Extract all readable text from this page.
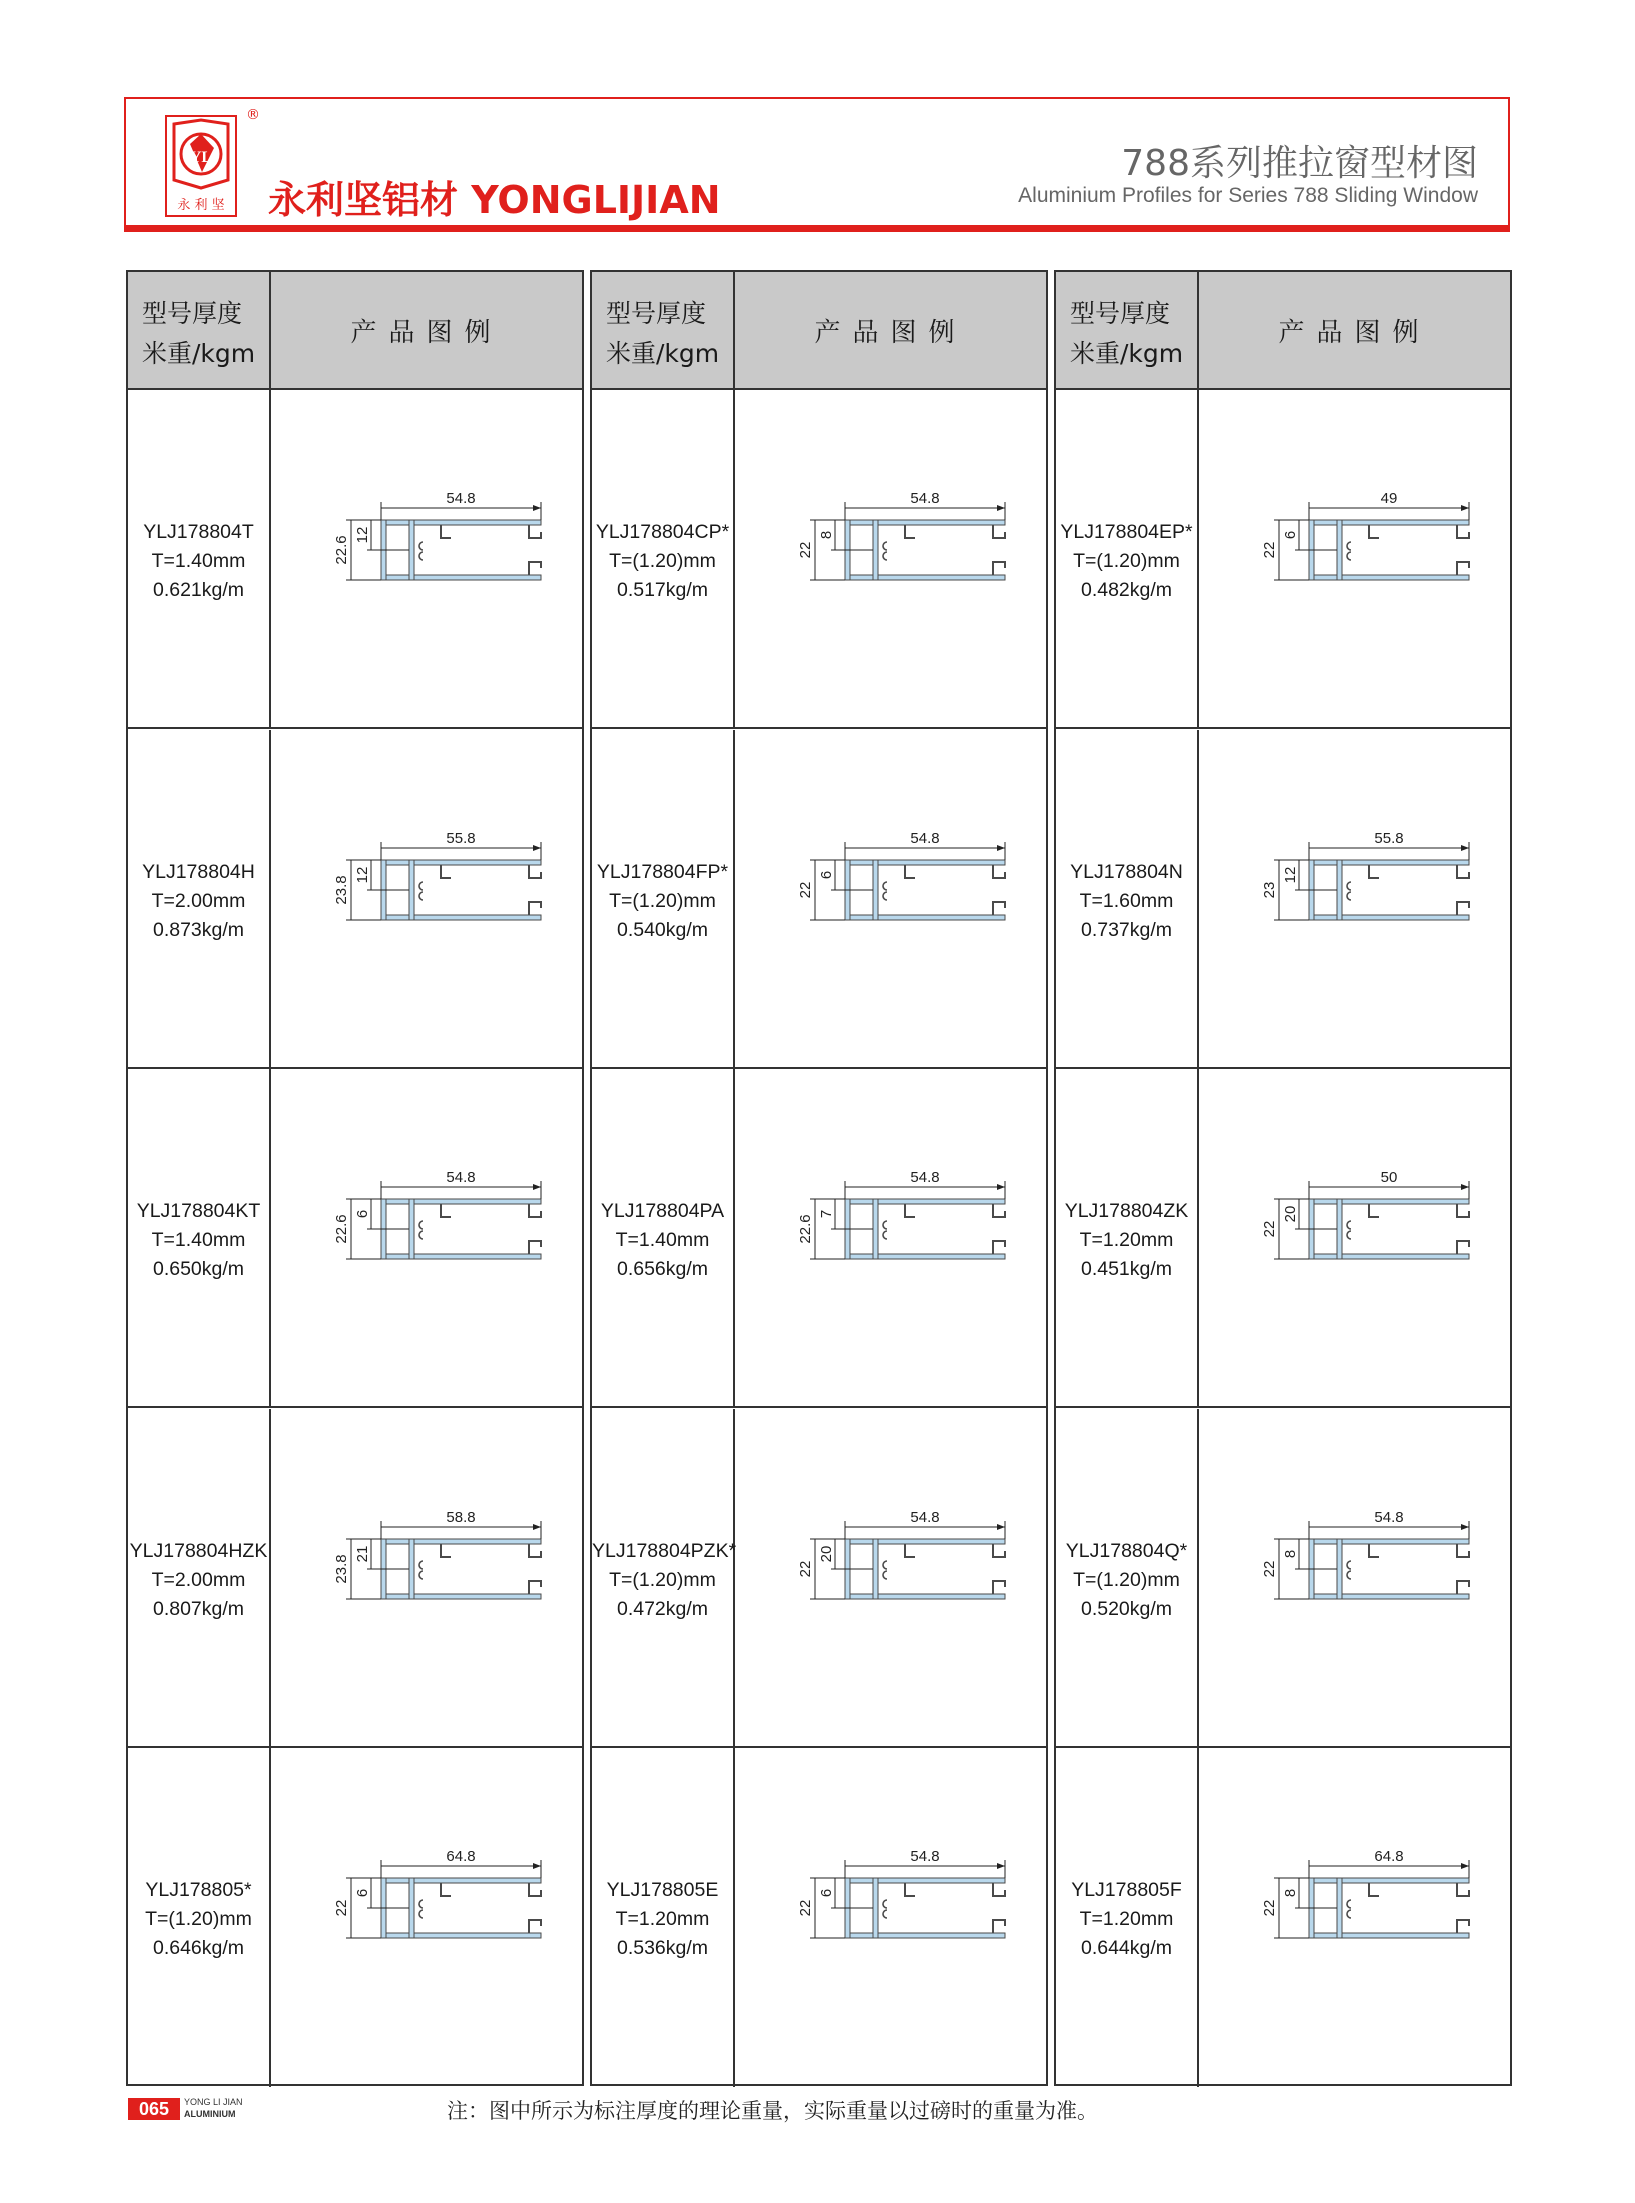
YL
永 利 坚
®
永利坚铝材 YONGLIJIAN
788系列推拉窗型材图
Aluminium Profiles for Series 788 Sliding Window
型号厚度
米重/kgm
产品图例
YLJ178804T
T=1.40mm
0.621kg/m
54.8
22.6
12
YLJ178804H
T=2.00mm
0.873kg/m
55.8
23.8
12
YLJ178804KT
T=1.40mm
0.650kg/m
54.8
22.6
6
YLJ178804HZK
T=2.00mm
0.807kg/m
58.8
23.8
21
YLJ178805*
T=(1.20)mm
0.646kg/m
64.8
22
6
型号厚度
米重/kgm
产品图例
YLJ178804CP*
T=(1.20)mm
0.517kg/m
54.8
22
8
YLJ178804FP*
T=(1.20)mm
0.540kg/m
54.8
22
6
YLJ178804PA
T=1.40mm
0.656kg/m
54.8
22.6
7
YLJ178804PZK*
T=(1.20)mm
0.472kg/m
54.8
22
20
YLJ178805E
T=1.20mm
0.536kg/m
54.8
22
6
型号厚度
米重/kgm
产品图例
YLJ178804EP*
T=(1.20)mm
0.482kg/m
49
22
6
YLJ178804N
T=1.60mm
0.737kg/m
55.8
23
12
YLJ178804ZK
T=1.20mm
0.451kg/m
50
22
20
YLJ178804Q*
T=(1.20)mm
0.520kg/m
54.8
22
8
YLJ178805F
T=1.20mm
0.644kg/m
64.8
22
8
065	YONG LI JIAN
ALUMINIUM	注：图中所示为标注厚度的理论重量，实际重量以过磅时的重量为准。
